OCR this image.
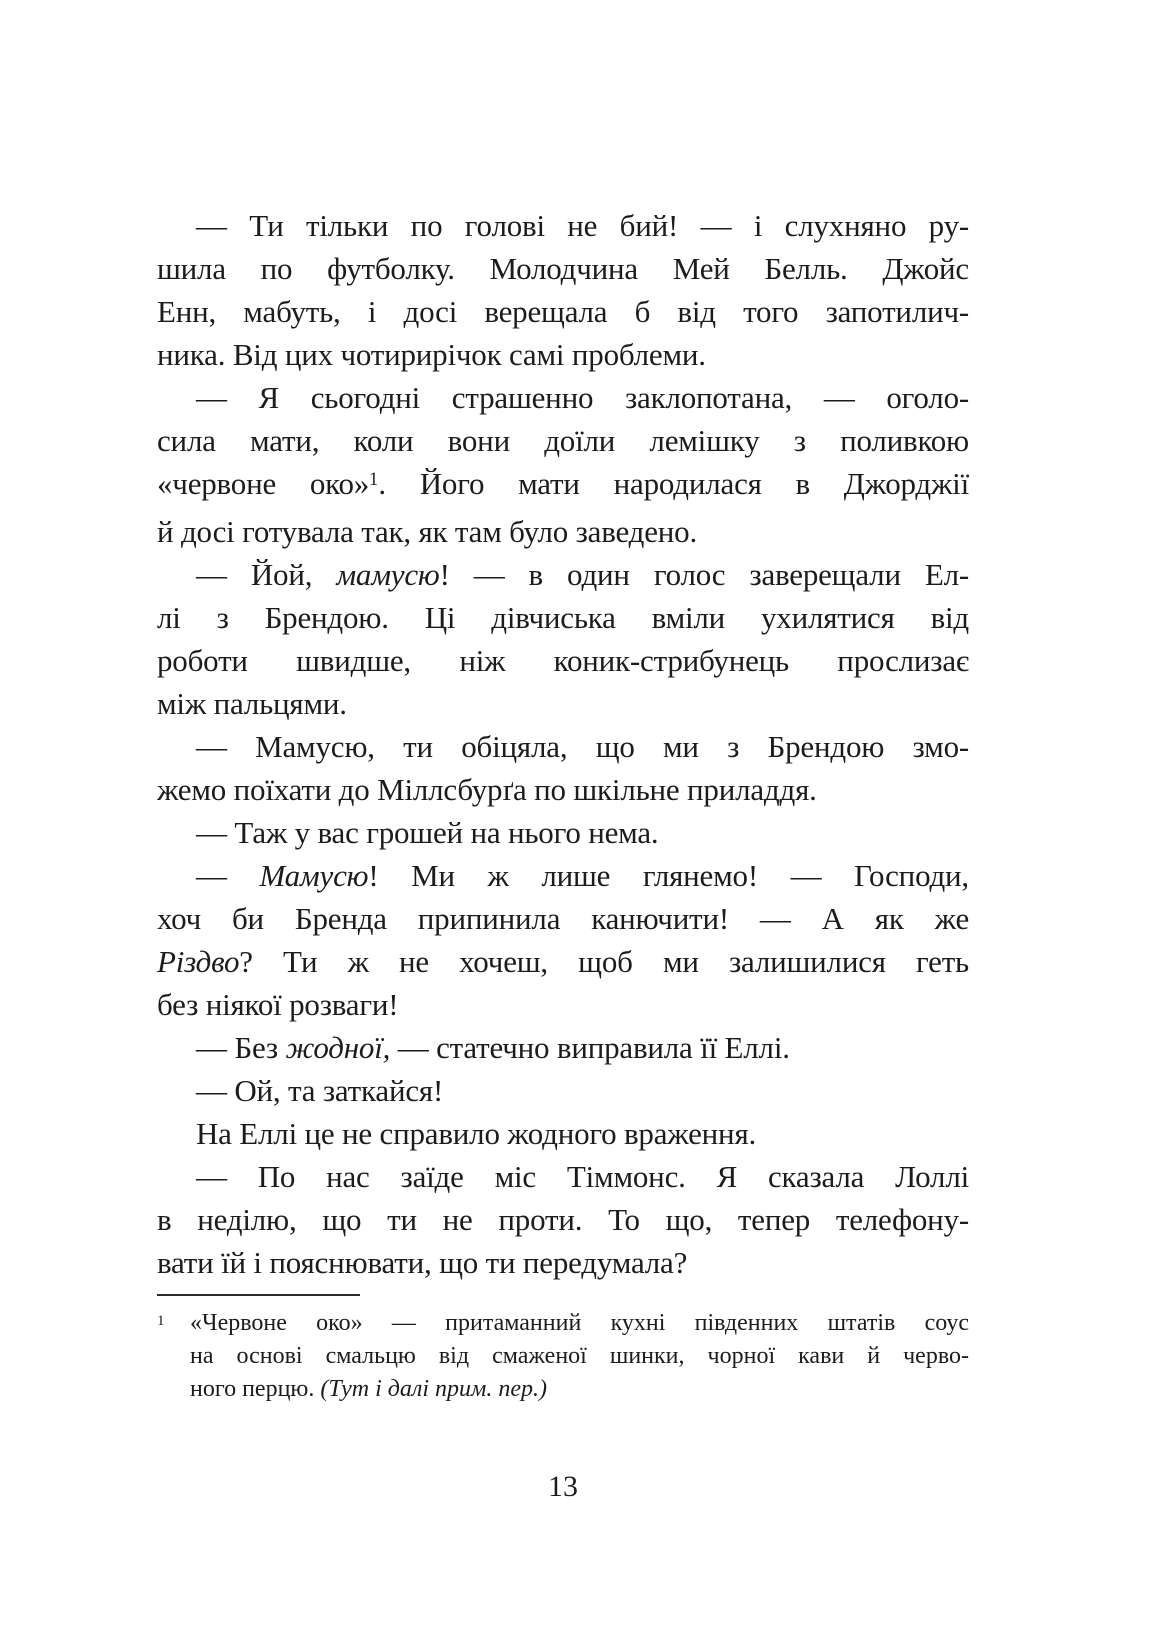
— Ти тільки по голові не бий! — і слухняно ру-
шила по футболку. Молодчина Мей Белль. Джойс
Енн, мабуть, і досі верещала б від того запотилич-
ника. Від цих чотирирічок самі проблеми.
— Я сьогодні страшенно заклопотана, — оголо-
сила мати, коли вони доїли лемішку з поливкою
«червоне око»$^1$. Його мати народилася в Джорджії
й досі готувала так, як там було заведено.
— Йой, мамусю! — в один голос заверещали Ел-
лі з Брендою. Ці дівчиська вміли ухилятися від
роботи швидше, ніж коник-стрибунець прослизає
між пальцями.
— Мамусю, ти обіцяла, що ми з Брендою змо-
жемо поїхати до Міллсбурґа по шкільне приладдя.
— Таж у вас грошей на нього нема.
— Мамусю! Ми ж лише глянемо! — Господи,
хоч би Бренда припинила канючити! — А як же
Різдво? Ти ж не хочеш, щоб ми залишилися геть
без ніякої розваги!
— Без жодної, — статечно виправила її Еллі.
— Ой, та заткайся!
На Еллі це не справило жодного враження.
— По нас заїде міс Тіммонс. Я сказала Лоллі
в неділю, що ти не проти. То що, тепер телефону-
вати їй і пояснювати, що ти передумала?
1 «Червоне око» — притаманний кухні південних штатів соус
на основі смальцю від смаженої шинки, чорної кави й черво-
ного перцю. (Тут і далі прим. пер.)
13
